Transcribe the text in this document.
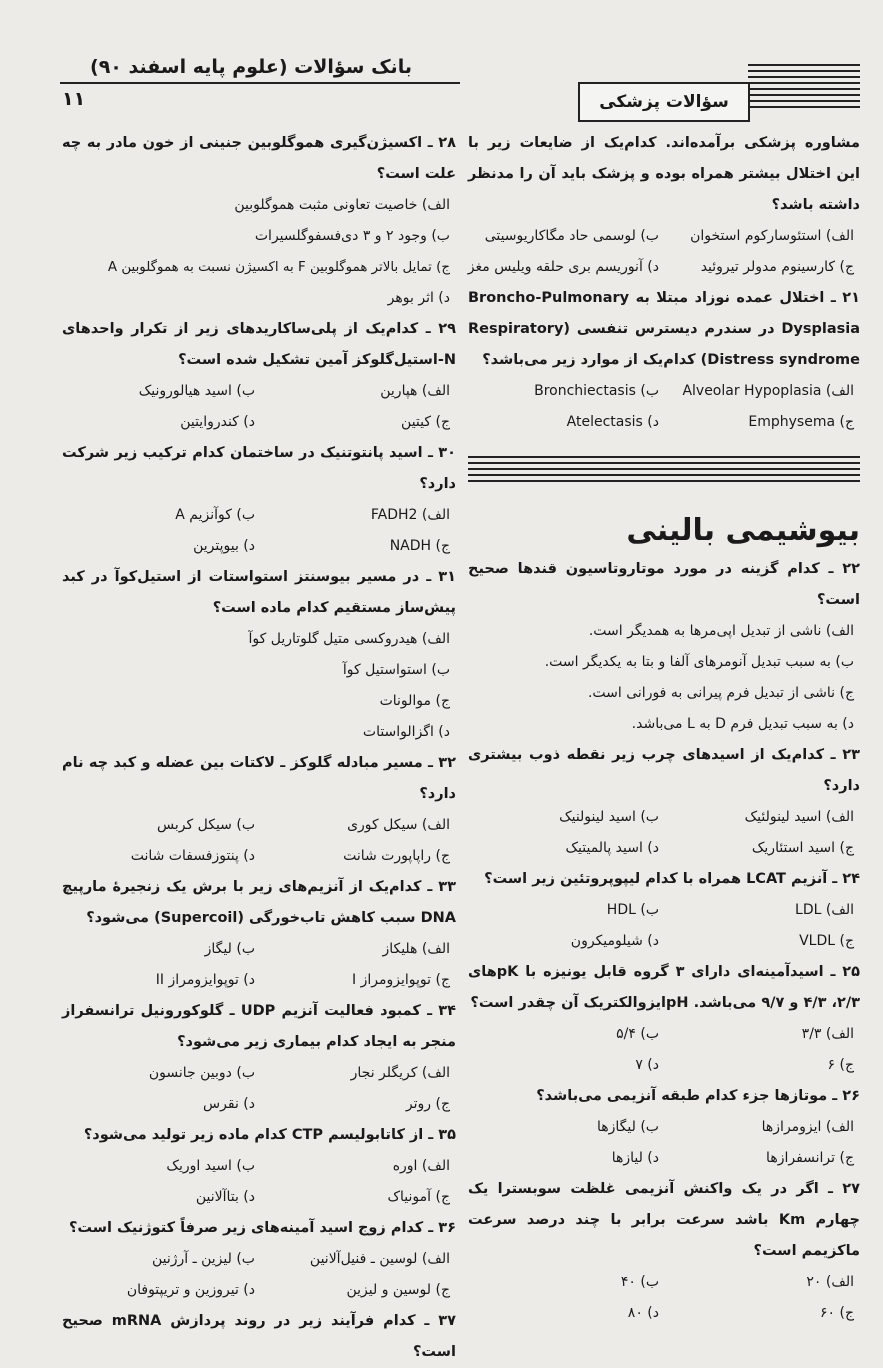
بانک سؤالات (علوم پایه اسفند ۹۰)
۱۱	سؤالات پزشکی
مشاوره پزشکی برآمده‌اند. کدام‌یک از ضایعات زیر با این اختلال بیشتر همراه بوده و پزشک باید آن را مدنظر داشته باشد؟
الف) استئوسارکوم استخوان
ب) لوسمی حاد مگاکاریوسیتی
ج) کارسینوم مدولر تیروئید
د) آنوریسم بری حلقه ویلیس مغز
۲۱ ـ اختلال عمده نوزاد مبتلا به Broncho-Pulmonary Dysplasia در سندرم دیسترس تنفسی (Respiratory Distress syndrome) کدام‌یک از موارد زیر می‌باشد؟
الف) Alveolar Hypoplasia
ب) Bronchiectasis
ج) Emphysema
د) Atelectasis
بیوشیمی بالینی
۲۲ ـ کدام گزینه در مورد موتاروتاسیون قندها صحیح است؟
الف) ناشی از تبدیل اپی‌مرها به همدیگر است.
ب) به سبب تبدیل آنومرهای آلفا و بتا به یکدیگر است.
ج) ناشی از تبدیل فرم پیرانی به فورانی است.
د) به سبب تبدیل فرم D به L می‌باشد.
۲۳ ـ کدام‌یک از اسیدهای چرب زیر نقطه ذوب بیشتری دارد؟
الف) اسید لینولئیک
ب) اسید لینولنیک
ج) اسید استئاریک
د) اسید پالمیتیک
۲۴ ـ آنزیم LCAT همراه با کدام لیپوپروتئین زیر است؟
الف) LDL
ب) HDL
ج) VLDL
د) شیلومیکرون
۲۵ ـ اسیدآمینه‌ای دارای ۳ گروه قابل یونیزه با pKهای ۲/۳، ۴/۳ و ۹/۷ می‌باشد. pHایزوالکتریک آن چقدر است؟
الف) ۳/۳
ب) ۵/۴
ج) ۶
د) ۷
۲۶ ـ موتازها جزء کدام طبقه آنزیمی می‌باشد؟
الف) ایزومرازها
ب) لیگازها
ج) ترانسفرازها
د) لیازها
۲۷ ـ اگر در یک واکنش آنزیمی غلظت سوبسترا یک چهارم Km باشد سرعت برابر با چند درصد سرعت ماکزیمم است؟
الف) ۲۰
ب) ۴۰
ج) ۶۰
د) ۸۰
۲۸ ـ اکسیژن‌گیری هموگلوبین جنینی از خون مادر به چه علت است؟
الف) خاصیت تعاونی مثبت هموگلوبین
ب) وجود ۲ و ۳ دی‌فسفوگلسیرات
ج) تمایل بالاتر هموگلوبین F به اکسیژن نسبت به هموگلوبین A
د) اثر بوهر
۲۹ ـ کدام‌یک از پلی‌ساکاریدهای زیر از تکرار واحدهای N-استیل‌گلوکز آمین تشکیل شده است؟
الف) هپارین
ب) اسید هیالورونیک
ج) کیتین
د) کندروایتین
۳۰ ـ اسید پانتوتنیک در ساختمان کدام ترکیب زیر شرکت دارد؟
الف) FADH2
ب) کوآنزیم A
ج) NADH
د) بیوپترین
۳۱ ـ در مسیر بیوسنتز استواستات از استیل‌کوآ در کبد پیش‌ساز مستقیم کدام ماده است؟
الف) هیدروکسی متیل گلوتاریل کوآ
ب) استواستیل کوآ
ج) موالونات
د) اگزالواستات
۳۲ ـ مسیر مبادله گلوکز ـ لاکتات بین عضله و کبد چه نام دارد؟
الف) سیکل کوری
ب) سیکل کربس
ج) راپاپورت شانت
د) پنتوزفسفات شانت
۳۳ ـ کدام‌یک از آنزیم‌های زیر با برش یک زنجیرهٔ مارپیچ DNA سبب کاهش تاب‌خورگی (Supercoil) می‌شود؟
الف) هلیکاز
ب) لیگاز
ج) توپوایزومراز I
د) توپوایزومراز II
۳۴ ـ کمبود فعالیت آنزیم UDP ـ گلوکورونیل ترانسفراز منجر به ایجاد کدام بیماری زیر می‌شود؟
الف) کریگلر نجار
ب) دوبین جانسون
ج) روتر
د) نقرس
۳۵ ـ از کاتابولیسم CTP کدام ماده زیر تولید می‌شود؟
الف) اوره
ب) اسید اوریک
ج) آمونیاک
د) بتاآلانین
۳۶ ـ کدام زوج اسید آمینه‌های زیر صرفاً کتوژنیک است؟
الف) لوسین ـ فنیل‌آلانین
ب) لیزین ـ آرژنین
ج) لوسین و لیزین
د) تیروزین و تریپتوفان
۳۷ ـ کدام فرآیند زیر در روند پردازش mRNA صحیح است؟
